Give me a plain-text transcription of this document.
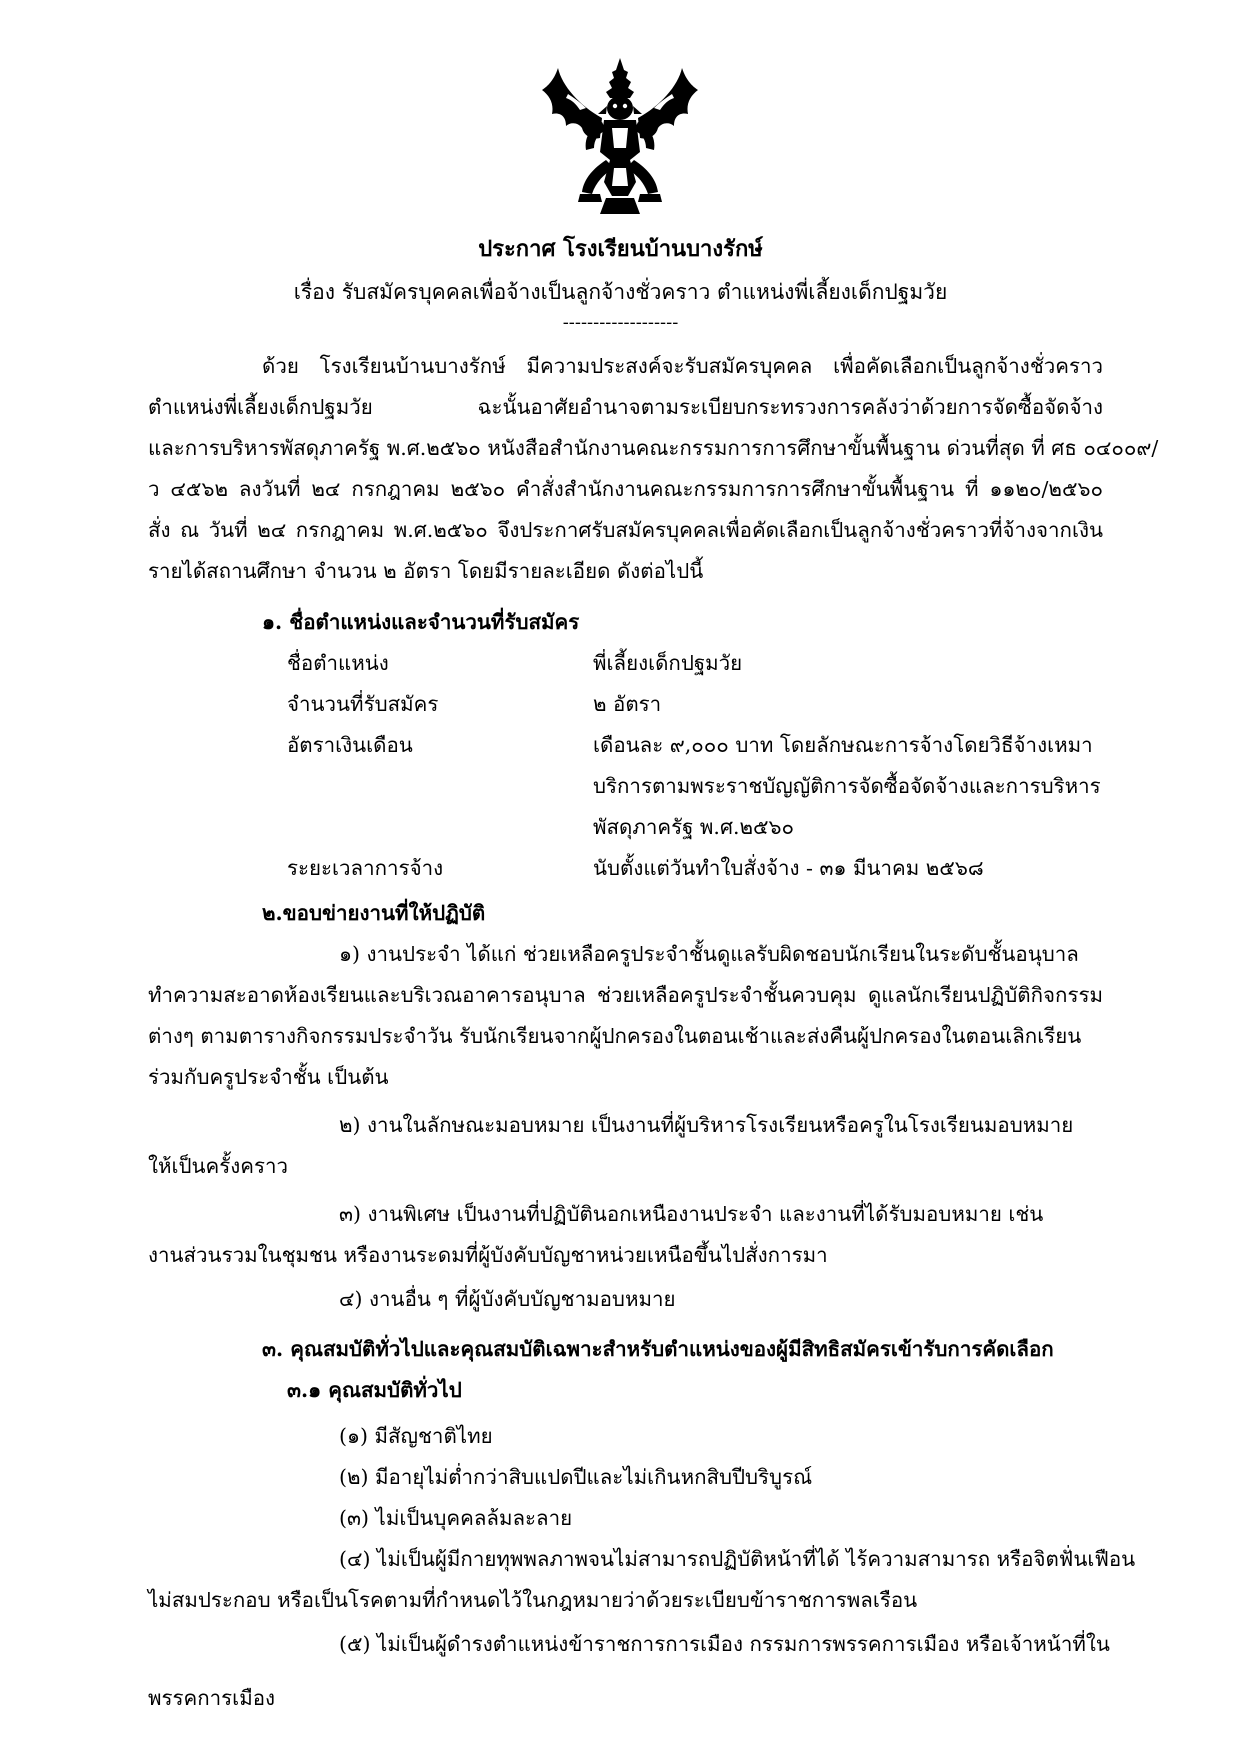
ประกาศ โรงเรียนบ้านบางรักษ์
เรื่อง รับสมัครบุคคลเพื่อจ้างเป็นลูกจ้างชั่วคราว ตำแหน่งพี่เลี้ยงเด็กปฐมวัย
-------------------
ด้วย โรงเรียนบ้านบางรักษ์ มีความประสงค์จะรับสมัครบุคคล เพื่อคัดเลือกเป็นลูกจ้างชั่วคราว
ตำแหน่งพี่เลี้ยงเด็กปฐมวัย ฉะนั้นอาศัยอำนาจตามระเบียบกระทรวงการคลังว่าด้วยการจัดซื้อจัดจ้าง
และการบริหารพัสดุภาครัฐ พ.ศ.๒๕๖๐ หนังสือสำนักงานคณะกรรมการการศึกษาขั้นพื้นฐาน ด่วนที่สุด ที่ ศธ ๐๔๐๐๙/
ว ๔๕๖๒ ลงวันที่ ๒๔ กรกฎาคม ๒๕๖๐ คำสั่งสำนักงานคณะกรรมการการศึกษาขั้นพื้นฐาน ที่ ๑๑๒๐/๒๕๖๐
สั่ง ณ วันที่ ๒๔ กรกฎาคม พ.ศ.๒๕๖๐ จึงประกาศรับสมัครบุคคลเพื่อคัดเลือกเป็นลูกจ้างชั่วคราวที่จ้างจากเงิน
รายได้สถานศึกษา จำนวน ๒ อัตรา โดยมีรายละเอียด ดังต่อไปนี้
๑. ชื่อตำแหน่งและจำนวนที่รับสมัคร
ชื่อตำแหน่ง	พี่เลี้ยงเด็กปฐมวัย
จำนวนที่รับสมัคร	๒ อัตรา
อัตราเงินเดือน	เดือนละ ๙,๐๐๐ บาท โดยลักษณะการจ้างโดยวิธีจ้างเหมา
บริการตามพระราชบัญญัติการจัดซื้อจัดจ้างและการบริหาร
พัสดุภาครัฐ พ.ศ.๒๕๖๐
ระยะเวลาการจ้าง	นับตั้งแต่วันทำใบสั่งจ้าง - ๓๑ มีนาคม ๒๕๖๘
๒.ขอบข่ายงานที่ให้ปฏิบัติ
๑) งานประจำ ได้แก่ ช่วยเหลือครูประจำชั้นดูแลรับผิดชอบนักเรียนในระดับชั้นอนุบาล
ทำความสะอาดห้องเรียนและบริเวณอาคารอนุบาล ช่วยเหลือครูประจำชั้นควบคุม ดูแลนักเรียนปฏิบัติกิจกรรม
ต่างๆ ตามตารางกิจกรรมประจำวัน รับนักเรียนจากผู้ปกครองในตอนเช้าและส่งคืนผู้ปกครองในตอนเลิกเรียน
ร่วมกับครูประจำชั้น เป็นต้น
๒) งานในลักษณะมอบหมาย เป็นงานที่ผู้บริหารโรงเรียนหรือครูในโรงเรียนมอบหมาย
ให้เป็นครั้งคราว
๓) งานพิเศษ เป็นงานที่ปฏิบัตินอกเหนืองานประจำ และงานที่ได้รับมอบหมาย เช่น
งานส่วนรวมในชุมชน หรืองานระดมที่ผู้บังคับบัญชาหน่วยเหนือขึ้นไปสั่งการมา
๔) งานอื่น ๆ ที่ผู้บังคับบัญชามอบหมาย
๓. คุณสมบัติทั่วไปและคุณสมบัติเฉพาะสำหรับตำแหน่งของผู้มีสิทธิสมัครเข้ารับการคัดเลือก
๓.๑ คุณสมบัติทั่วไป
(๑) มีสัญชาติไทย
(๒) มีอายุไม่ต่ำกว่าสิบแปดปีและไม่เกินหกสิบปีบริบูรณ์
(๓) ไม่เป็นบุคคลล้มละลาย
(๔) ไม่เป็นผู้มีกายทุพพลภาพจนไม่สามารถปฏิบัติหน้าที่ได้ ไร้ความสามารถ หรือจิตฟั่นเฟือน
ไม่สมประกอบ หรือเป็นโรคตามที่กำหนดไว้ในกฎหมายว่าด้วยระเบียบข้าราชการพลเรือน
(๕) ไม่เป็นผู้ดำรงตำแหน่งข้าราชการการเมือง กรรมการพรรคการเมือง หรือเจ้าหน้าที่ใน
พรรคการเมือง
